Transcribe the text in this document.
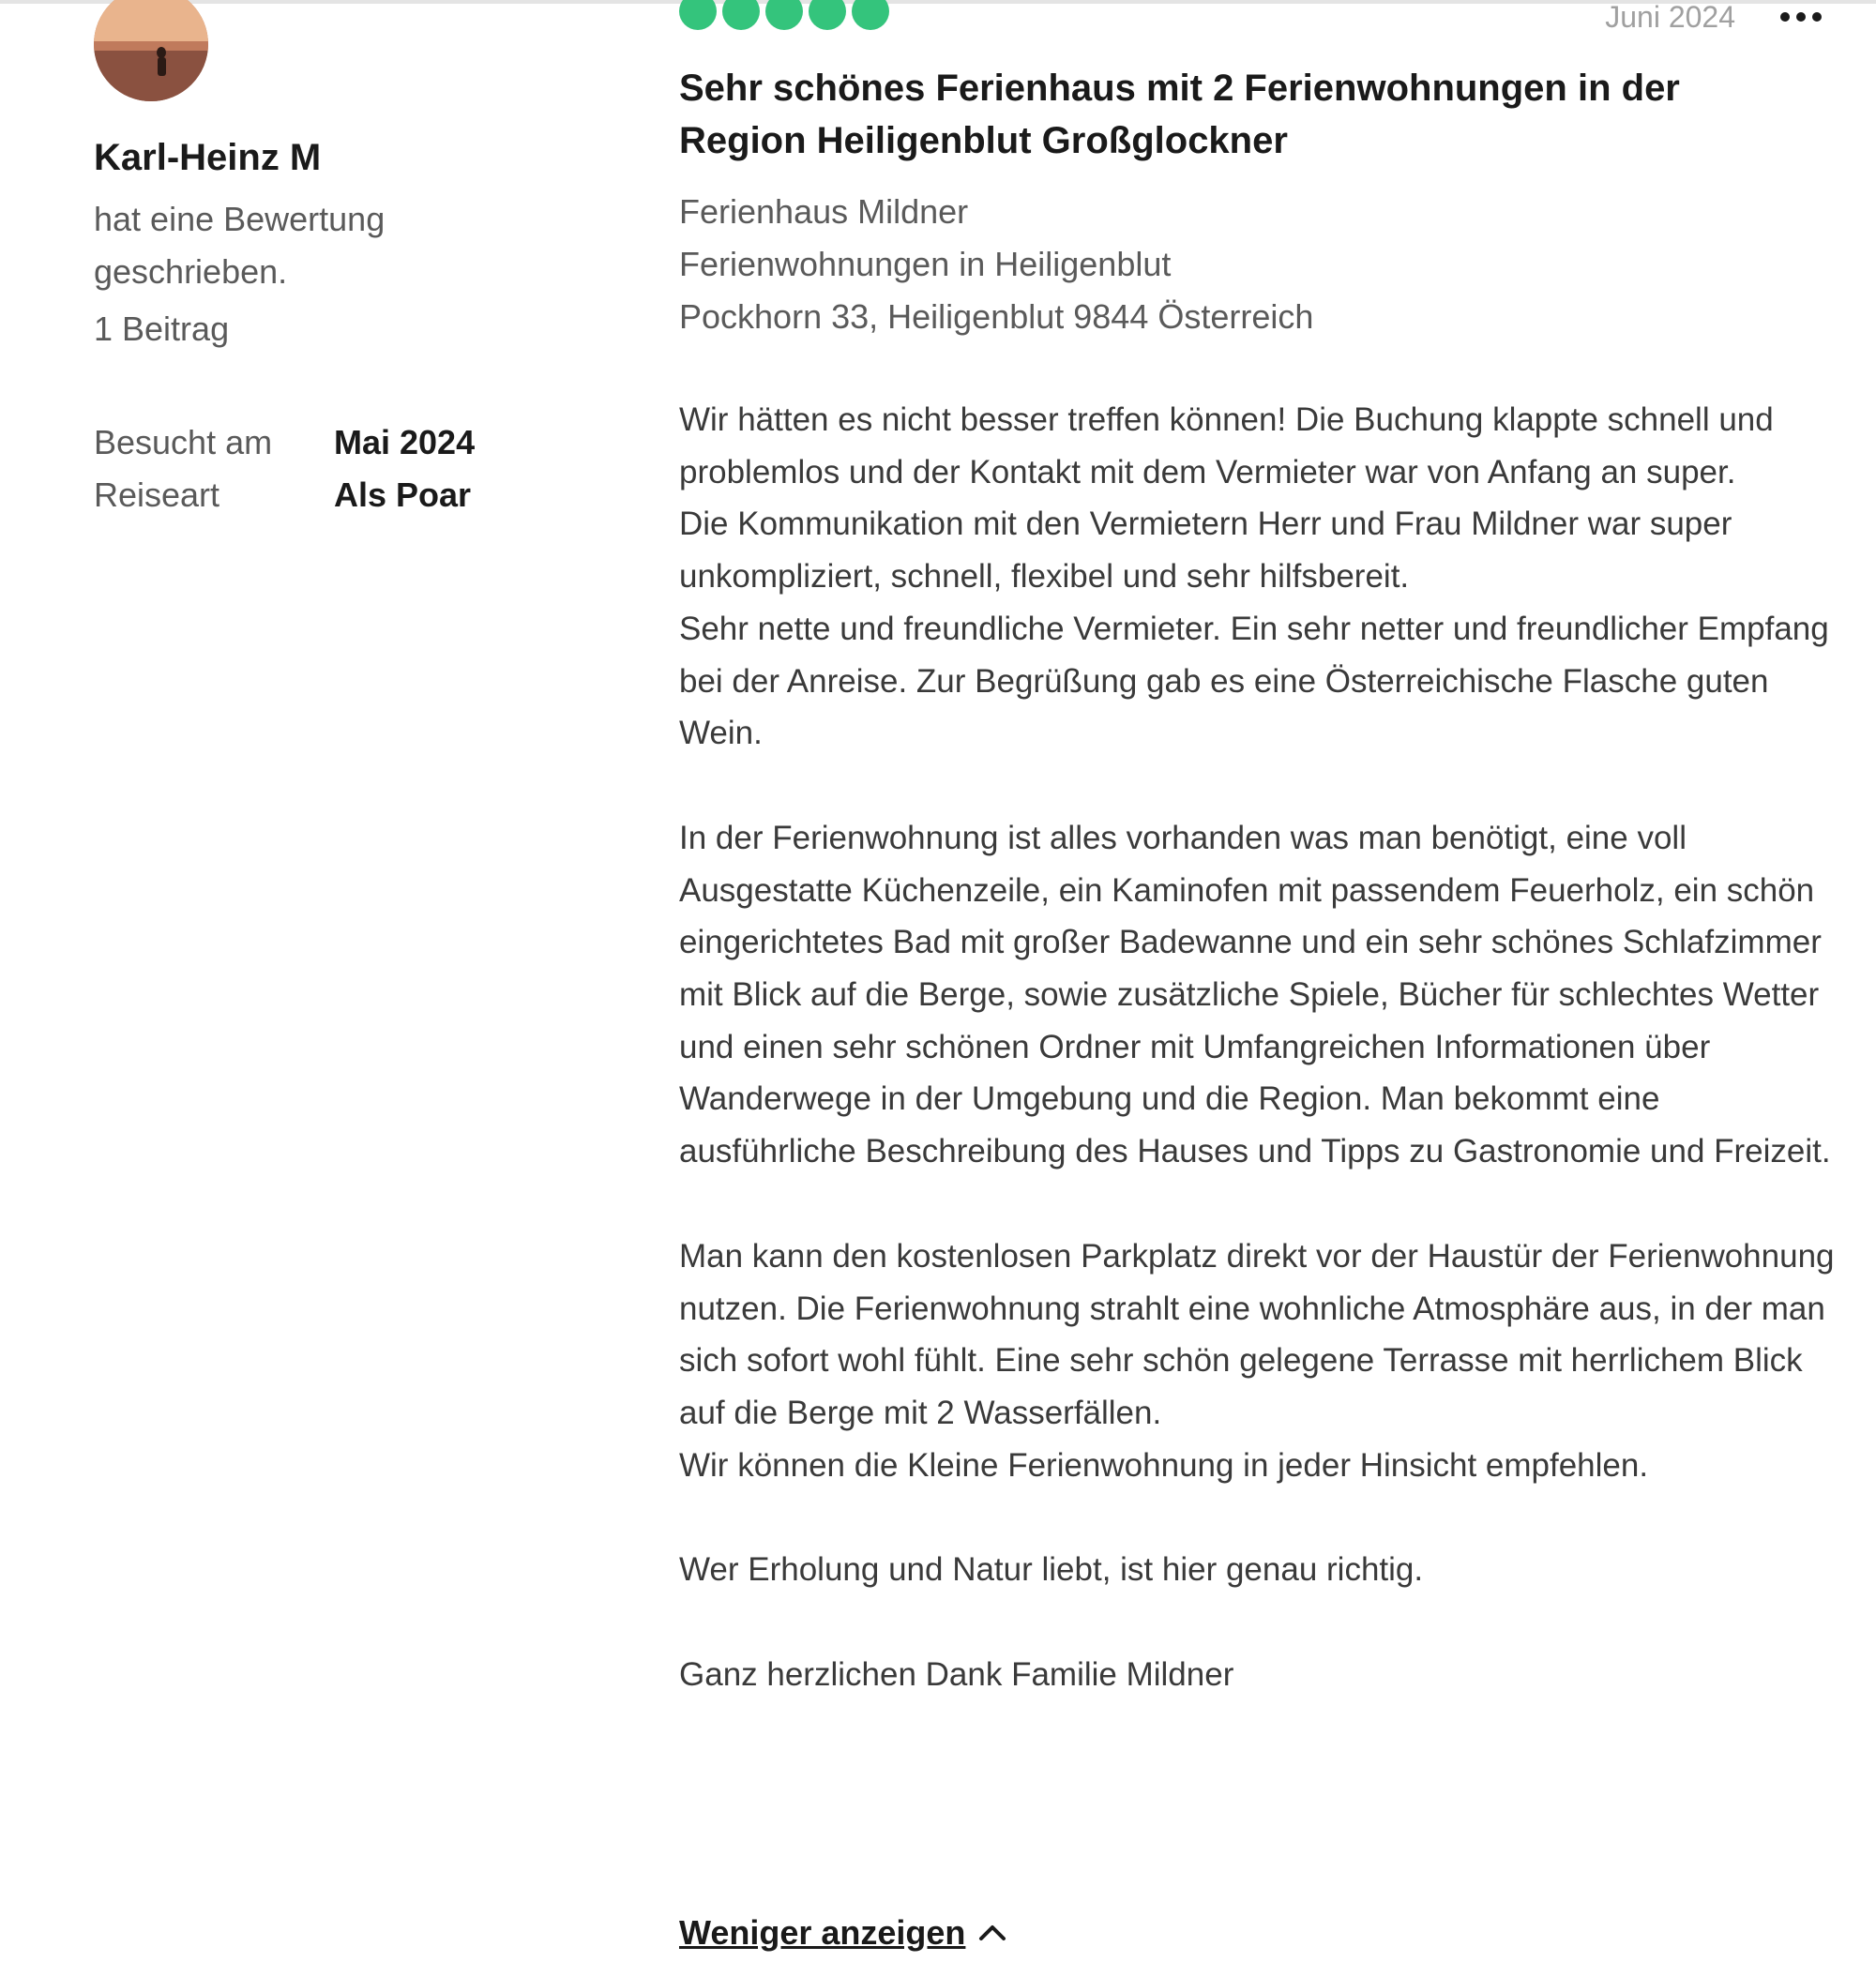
Karl-Heinz M

hat eine Bewertung geschrieben.

1 Beitrag

Besucht am	Mai 2024
Reiseart	Als Poar
Juni 2024
Sehr schönes Ferienhaus mit 2 Ferienwohnungen in der Region Heiligenblut Großglockner
Ferienhaus Mildner
Ferienwohnungen in Heiligenblut
Pockhorn 33, Heiligenblut 9844 Österreich

Wir hätten es nicht besser treffen können! Die Buchung klappte schnell und problemlos und der Kontakt mit dem Vermieter war von Anfang an super.
Die Kommunikation mit den Vermietern Herr und Frau Mildner war super unkompliziert, schnell, flexibel und sehr hilfsbereit.
Sehr nette und freundliche Vermieter. Ein sehr netter und freundlicher Empfang bei der Anreise. Zur Begrüßung gab es eine Österreichische Flasche guten Wein.

In der Ferienwohnung ist alles vorhanden was man benötigt, eine voll Ausgestatte Küchenzeile, ein Kaminofen mit passendem Feuerholz, ein schön eingerichtetes Bad mit großer Badewanne und ein sehr schönes Schlafzimmer mit Blick auf die Berge, sowie zusätzliche Spiele, Bücher für schlechtes Wetter und einen sehr schönen Ordner mit Umfangreichen Informationen über Wanderwege in der Umgebung und die Region. Man bekommt eine ausführliche Beschreibung des Hauses und Tipps zu Gastronomie und Freizeit.

Man kann den kostenlosen Parkplatz direkt vor der Haustür der Ferienwohnung nutzen. Die Ferienwohnung strahlt eine wohnliche Atmosphäre aus, in der man sich sofort wohl fühlt. Eine sehr schön gelegene Terrasse mit herrlichem Blick auf die Berge mit 2 Wasserfällen.
Wir können die Kleine Ferienwohnung in jeder Hinsicht empfehlen.

Wer Erholung und Natur liebt, ist hier genau richtig.

Ganz herzlichen Dank Familie Mildner

Weniger anzeigen
